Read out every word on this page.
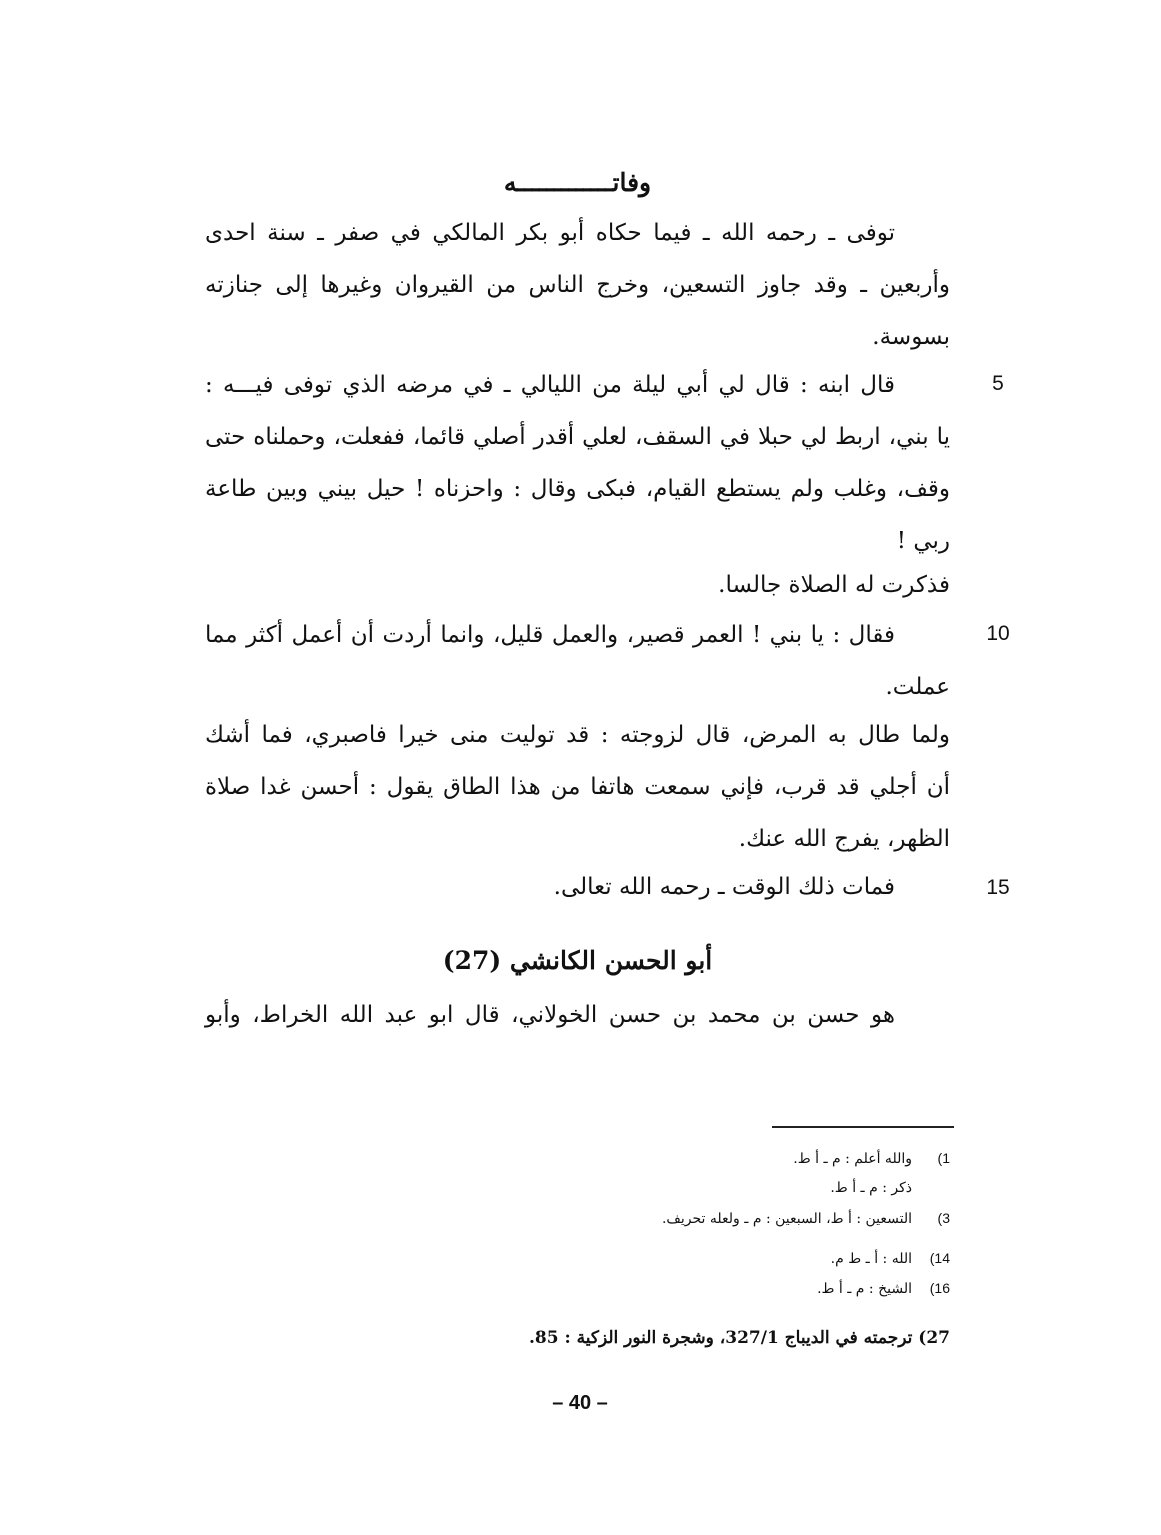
وفاتـــــــــــــه
توفى ـ رحمه الله ـ فيما حكاه أبو بكر المالكي في صفر ـ سنة احدى
وأربعين ـ وقد جاوز التسعين، وخرج الناس من القيروان وغيرها إلى جنازته
بسوسة.
5
قال ابنه : قال لي أبي ليلة من الليالي ـ في مرضه الذي توفى فيـــه :
يا بني، اربط لي حبلا في السقف، لعلي أقدر أصلي قائما، ففعلت، وحملناه حتى
وقف، وغلب ولم يستطع القيام، فبكى وقال : واحزناه ! حيل بيني وبين طاعة
ربي !
فذكرت له الصلاة جالسا.
10
فقال : يا بني ! العمر قصير، والعمل قليل، وانما أردت أن أعمل أكثر مما
عملت.
ولما طال به المرض، قال لزوجته : قد توليت منى خيرا فاصبري، فما أشك
أن أجلي قد قرب، فإني سمعت هاتفا من هذا الطاق يقول : أحسن غدا صلاة
الظهر، يفرج الله عنك.
15
فمات ذلك الوقت ـ رحمه الله تعالى.
أبو الحسن الكانشي (27)
هو حسن بن محمد بن حسن الخولاني، قال ابو عبد الله الخراط، وأبو
1)والله أعلم : م ـ أ ط.
ذكر : م ـ أ ط.
3)التسعين : أ ط، السبعين : م ـ ولعله تحريف.
14)الله : أ ـ ط م.
16)الشيخ : م ـ أ ط.
27) ترجمته في الديباج 327/1، وشجرة النور الزكية : 85.
– 40 –
